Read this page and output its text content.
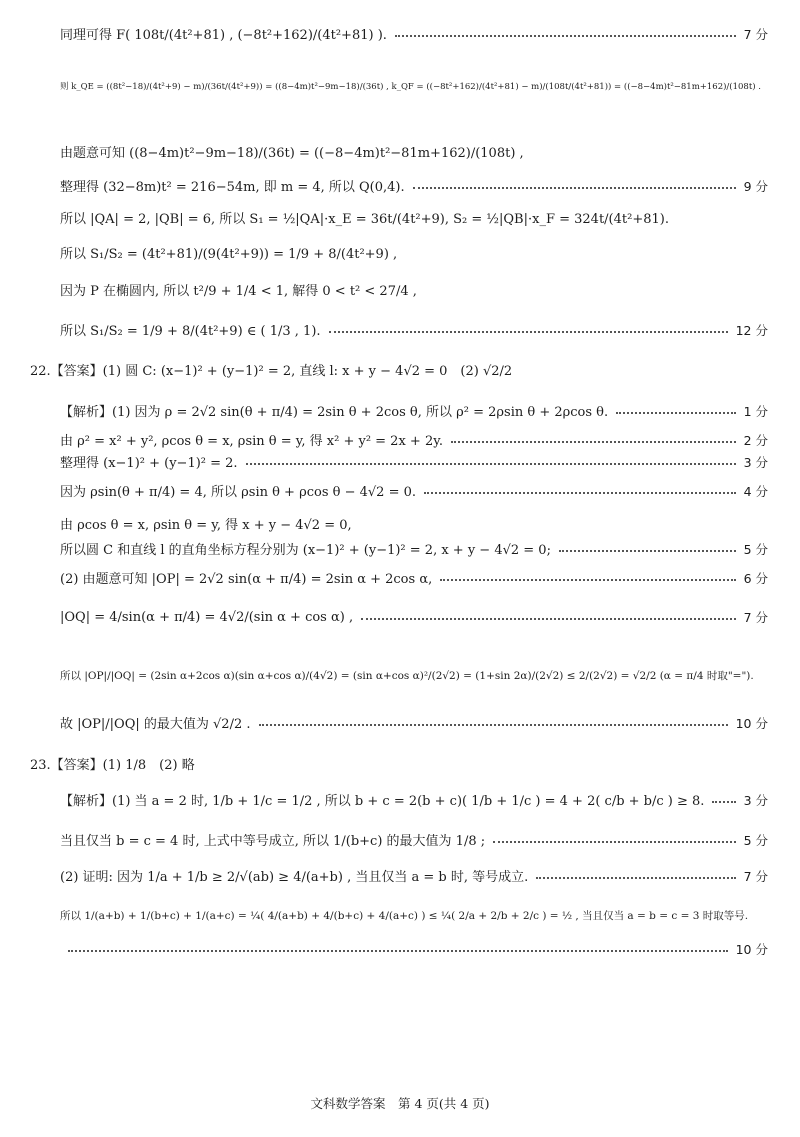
同理可得 F( 108t/(4t²+81) , (−8t²+162)/(4t²+81) ).	7 分
则 k_QE = ((8t²−18)/(4t²+9) − m)/(36t/(4t²+9)) = ((8−4m)t²−9m−18)/(36t) , k_QF = ((−8t²+162)/(4t²+81) − m)/(108t/(4t²+81)) = ((−8−4m)t²−81m+162)/(108t) .
由题意可知 ((8−4m)t²−9m−18)/(36t) = ((−8−4m)t²−81m+162)/(108t) ,
整理得 (32−8m)t² = 216−54m, 即 m = 4, 所以 Q(0,4).	9 分
所以 |QA| = 2, |QB| = 6, 所以 S₁ = ½|QA|·x_E = 36t/(4t²+9), S₂ = ½|QB|·x_F = 324t/(4t²+81).
所以 S₁/S₂ = (4t²+81)/(9(4t²+9)) = 1/9 + 8/(4t²+9) ,
因为 P 在椭圆内, 所以 t²/9 + 1/4 < 1, 解得 0 < t² < 27/4 ,
所以 S₁/S₂ = 1/9 + 8/(4t²+9) ∈ ( 1/3 , 1).	12 分
22.【答案】(1) 圆 C: (x−1)² + (y−1)² = 2, 直线 l: x + y − 4√2 = 0　(2) √2/2
【解析】(1) 因为 ρ = 2√2 sin(θ + π/4) = 2sin θ + 2cos θ, 所以 ρ² = 2ρsin θ + 2ρcos θ.	1 分
由 ρ² = x² + y², ρcos θ = x, ρsin θ = y, 得 x² + y² = 2x + 2y.	2 分
整理得 (x−1)² + (y−1)² = 2.	3 分
因为 ρsin(θ + π/4) = 4, 所以 ρsin θ + ρcos θ − 4√2 = 0.	4 分
由 ρcos θ = x, ρsin θ = y, 得 x + y − 4√2 = 0,
所以圆 C 和直线 l 的直角坐标方程分别为 (x−1)² + (y−1)² = 2, x + y − 4√2 = 0;	5 分
(2) 由题意可知 |OP| = 2√2 sin(α + π/4) = 2sin α + 2cos α,	6 分
|OQ| = 4/sin(α + π/4) = 4√2/(sin α + cos α) ,	7 分
所以 |OP|/|OQ| = (2sin α+2cos α)(sin α+cos α)/(4√2) = (sin α+cos α)²/(2√2) = (1+sin 2α)/(2√2) ≤ 2/(2√2) = √2/2 (α = π/4 时取"=").
故 |OP|/|OQ| 的最大值为 √2/2 .	10 分
23.【答案】(1) 1/8　(2) 略
【解析】(1) 当 a = 2 时, 1/b + 1/c = 1/2 , 所以 b + c = 2(b + c)( 1/b + 1/c ) = 4 + 2( c/b + b/c ) ≥ 8.	3 分
当且仅当 b = c = 4 时, 上式中等号成立, 所以 1/(b+c) 的最大值为 1/8 ;	5 分
(2) 证明: 因为 1/a + 1/b ≥ 2/√(ab) ≥ 4/(a+b) , 当且仅当 a = b 时, 等号成立.	7 分
所以 1/(a+b) + 1/(b+c) + 1/(a+c) = ¼( 4/(a+b) + 4/(b+c) + 4/(a+c) ) ≤ ¼( 2/a + 2/b + 2/c ) = ½ , 当且仅当 a = b = c = 3 时取等号.
10 分
文科数学答案　第 4 页(共 4 页)
